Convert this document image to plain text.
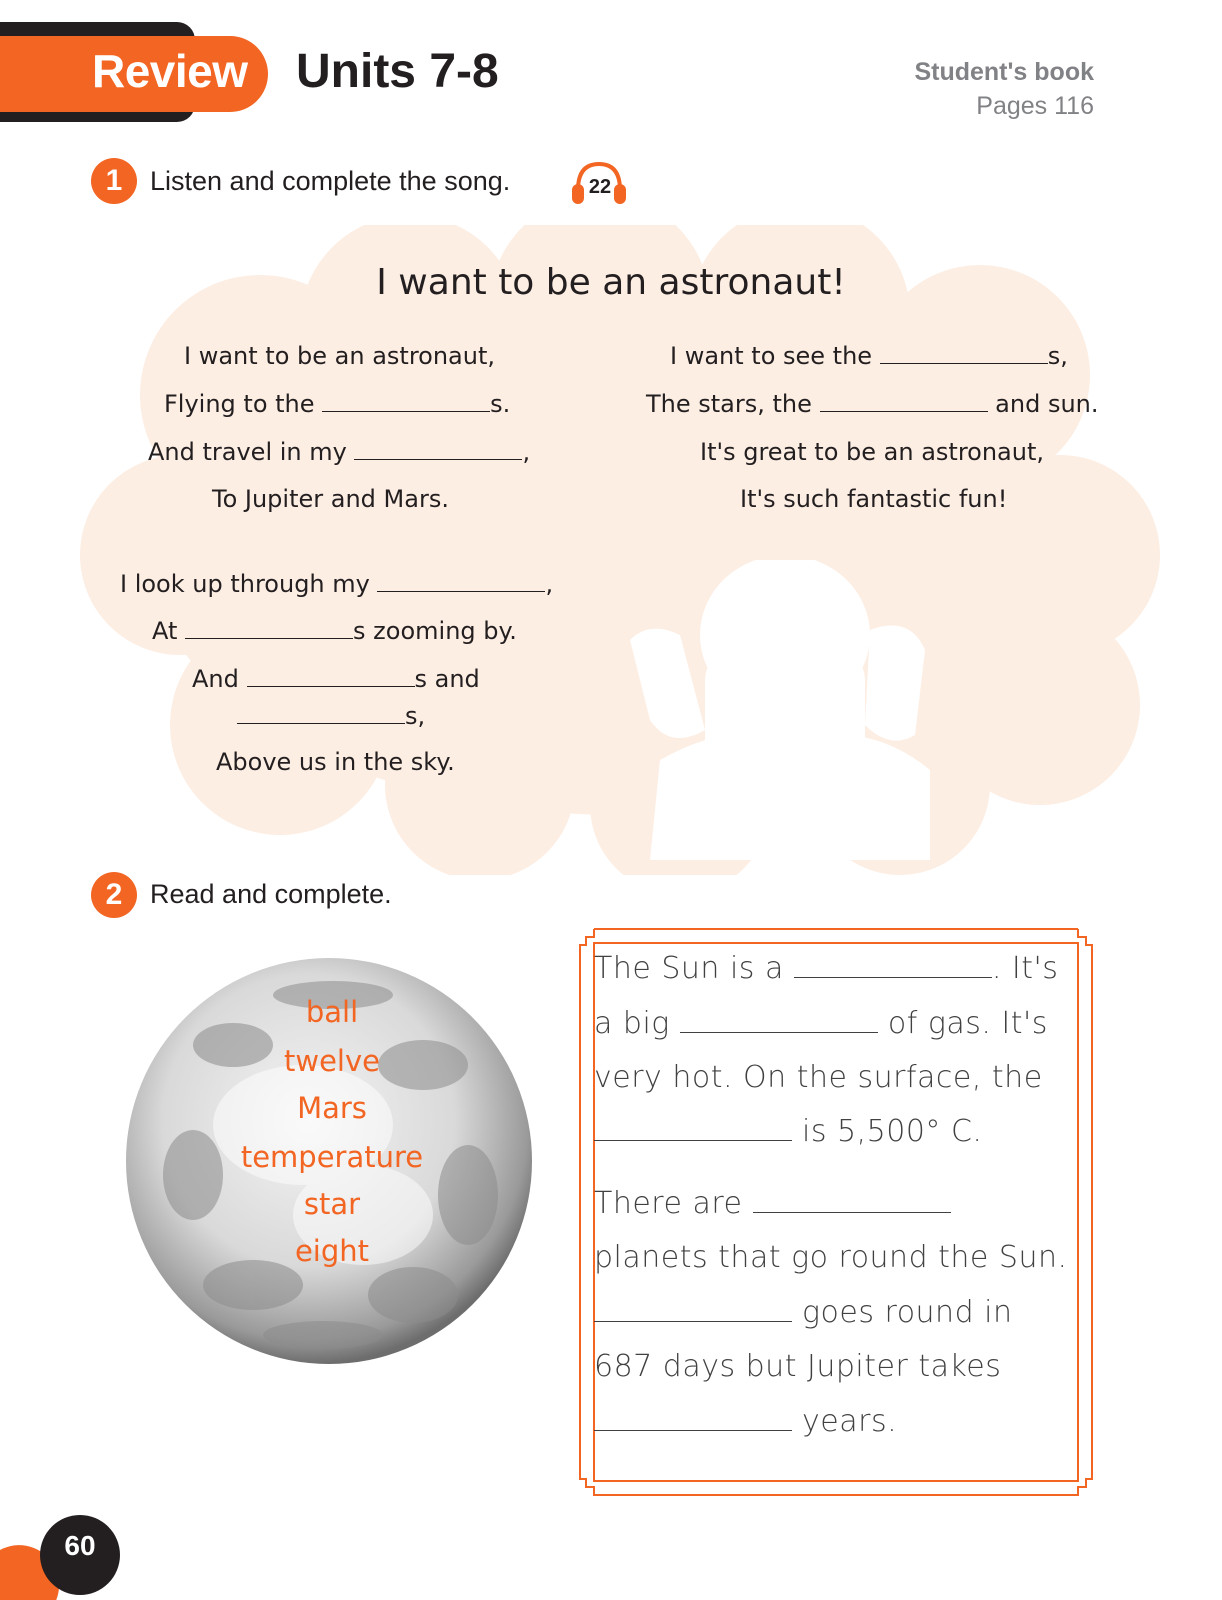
Review Units 7-8	Student's book
Pages 116
1	Listen and complete the song.	22
I want to be an astronaut!
I want to be an astronaut,
Flying to the	s.
And travel in my	,
To Jupiter and Mars.
I look up through my	,
At	s zooming by.
And	s and
s,
Above us in the sky.
I want to see the	s,
The stars, the	and sun.
It's great to be an astronaut,
It's such fantastic fun!
2	Read and complete.
ball
twelve
Mars
temperature
star
eight
The Sun is a	. It's
a big	of gas. It's
very hot. On the surface, the
is 5,500° C.
There are
planets that go round the Sun.
goes round in
687 days but Jupiter takes
years.
60
